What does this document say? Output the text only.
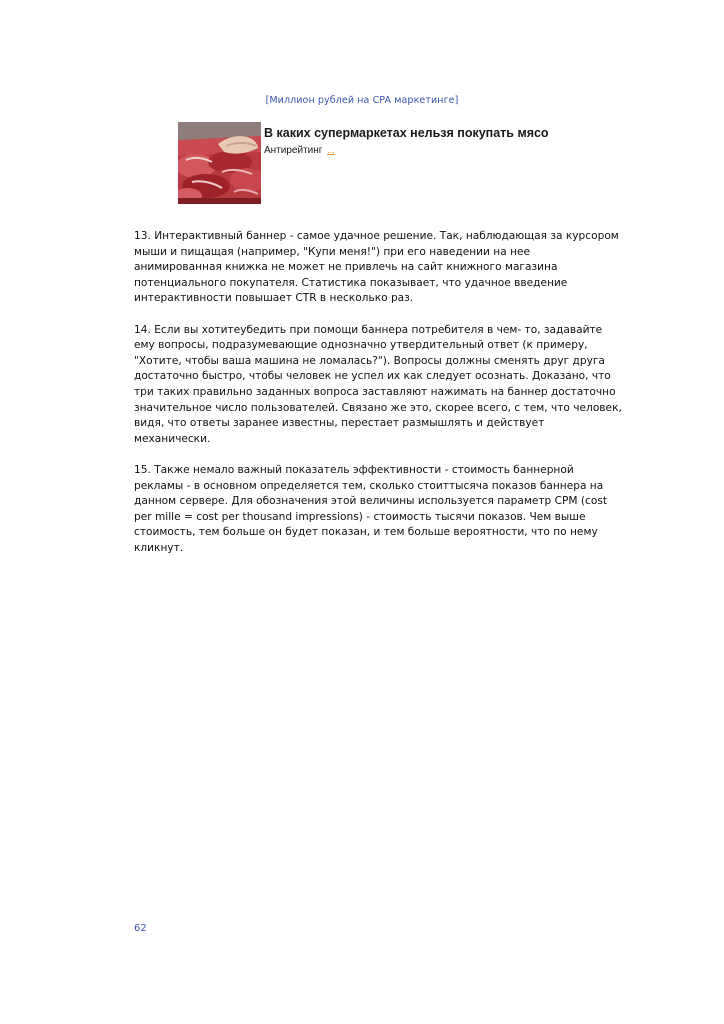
[Миллион рублей на CPA маркетинге]
В каких супермаркетах нельзя покупать мясо
Антирейтинг ...

13. Интерактивный баннер - самое удачное решение. Так, наблюдающая за курсором
мыши и пищащая (например, "Купи меня!") при его наведении на нее
анимированная книжка не может не привлечь на сайт книжного магазина
потенциального покупателя. Статистика показывает, что удачное введение
интерактивности повышает CTR в несколько раз.

14. Если вы хотитеубедить при помощи баннера потребителя в чем- то, задавайте
ему вопросы, подразумевающие однозначно утвердительный ответ (к примеру,
"Хотите, чтобы ваша машина не ломалась?"). Вопросы должны сменять друг друга
достаточно быстро, чтобы человек не успел их как следует осознать. Доказано, что
три таких правильно заданных вопроса заставляют нажимать на баннер достаточно
значительное число пользователей. Связано же это, скорее всего, с тем, что человек,
видя, что ответы заранее известны, перестает размышлять и действует
механически.

15. Также немало важный показатель эффективности - стоимость баннерной
рекламы - в основном определяется тем, сколько стоиттысяча показов баннера на
данном сервере. Для обозначения этой величины используется параметр CPM (cost
per mille = cost per thousand impressions) - стоимость тысячи показов. Чем выше
стоимость, тем больше он будет показан, и тем больше вероятности, что по нему
кликнут.

62
